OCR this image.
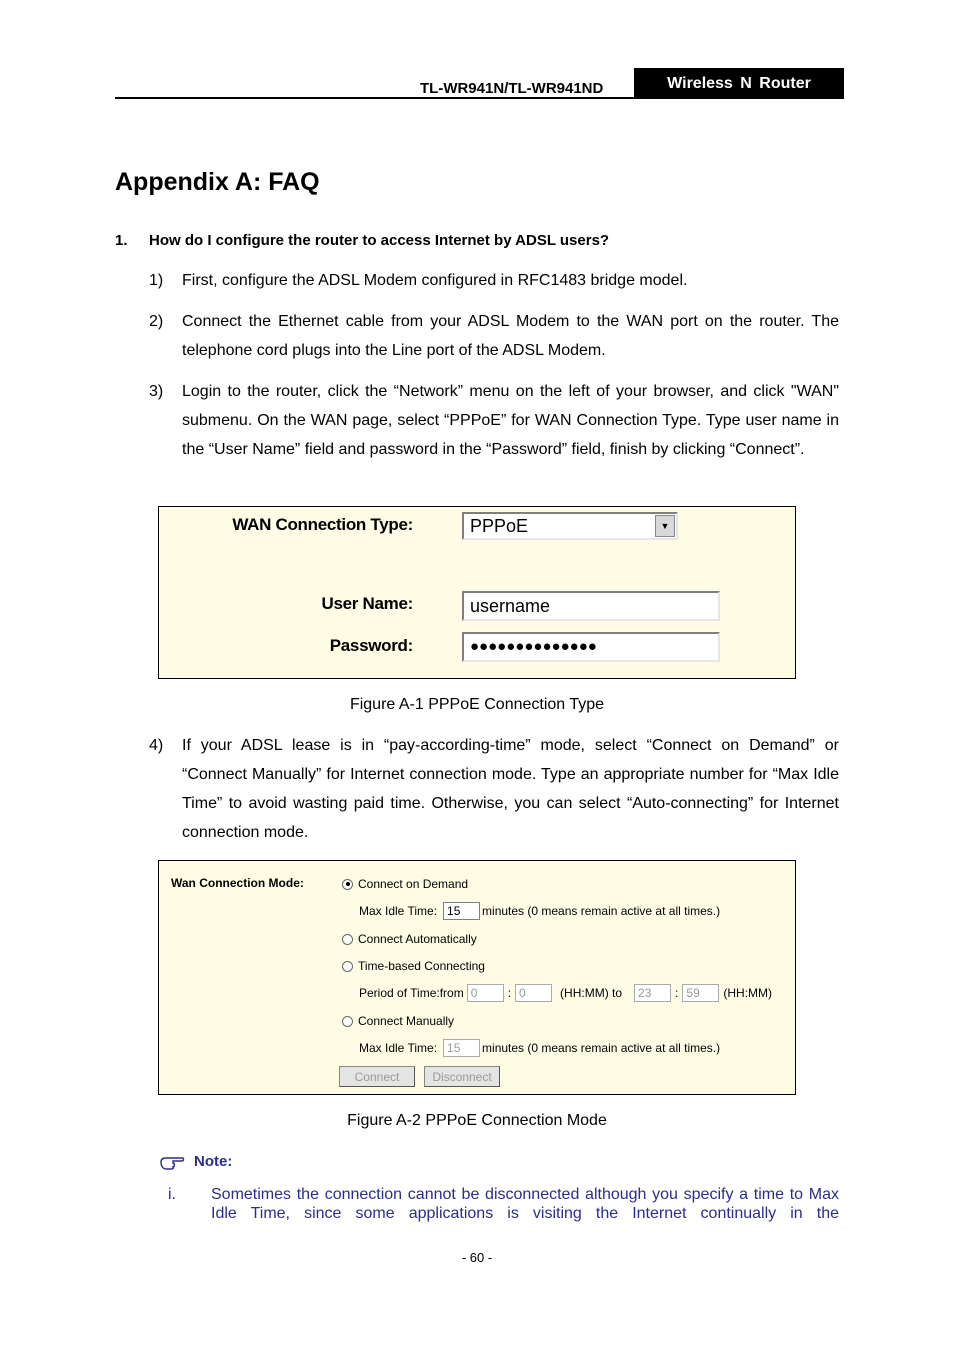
TL-WR941N/TL-WR941ND	Wireless N Router
Appendix A: FAQ
1. How do I configure the router to access Internet by ADSL users?
1) First, configure the ADSL Modem configured in RFC1483 bridge model.
2) Connect the Ethernet cable from your ADSL Modem to the WAN port on the router. The telephone cord plugs into the Line port of the ADSL Modem.
3) Login to the router, click the “Network” menu on the left of your browser, and click "WAN" submenu. On the WAN page, select “PPPoE” for WAN Connection Type. Type user name in the “User Name” field and password in the “Password” field, finish by clicking “Connect”.
WAN Connection Type:	PPPoE	▼
User Name:	username
Password:	●●●●●●●●●●●●●●
Figure A-1 PPPoE Connection Type
4) If your ADSL lease is in “pay-according-time” mode, select “Connect on Demand” or “Connect Manually” for Internet connection mode. Type an appropriate number for “Max Idle Time” to avoid wasting paid time. Otherwise, you can select “Auto-connecting” for Internet connection mode.
Wan Connection Mode:	Connect on Demand
Max Idle Time: 15	minutes (0 means remain active at all times.)
Connect Automatically
Time-based Connecting
Period of Time:from 0	: 0	(HH:MM) to	23	: 59	(HH:MM)
Connect Manually
Max Idle Time: 15	minutes (0 means remain active at all times.)
Connect	Disconnect
Figure A-2 PPPoE Connection Mode
Note:
i. Sometimes the connection cannot be disconnected although you specify a time to Max Idle Time, since some applications is visiting the Internet continually in the
- 60 -
